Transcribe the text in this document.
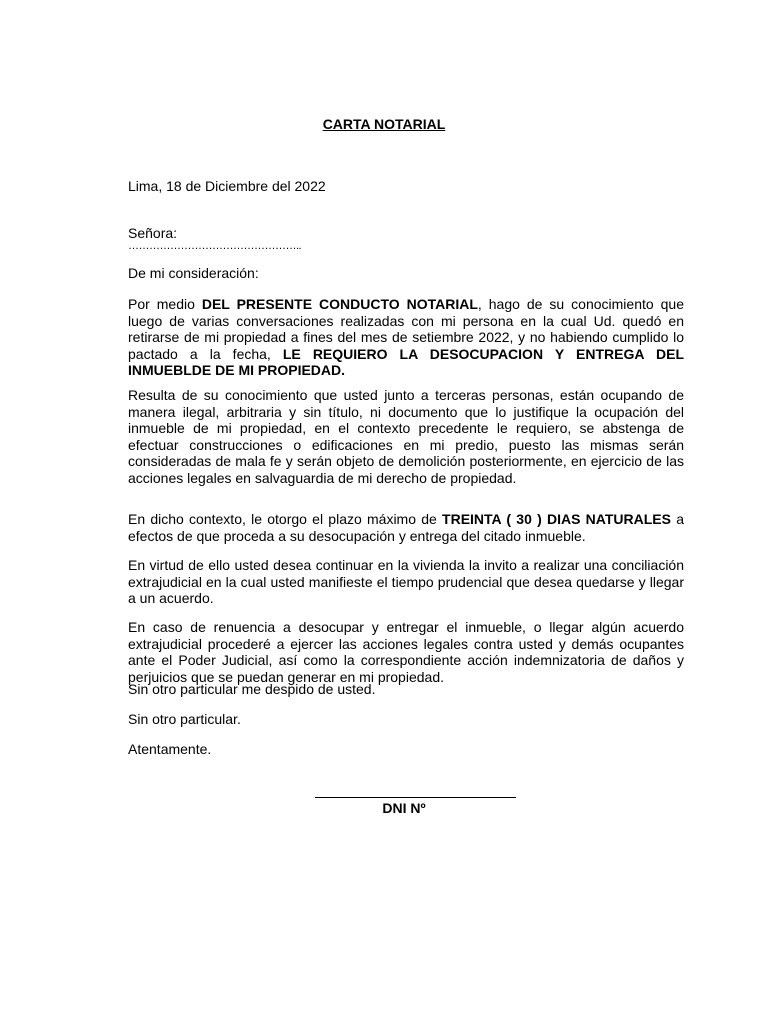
CARTA NOTARIAL
Lima, 18 de Diciembre del 2022
Señora:
…………………………………………..
De mi consideración:
Por medio DEL PRESENTE CONDUCTO NOTARIAL, hago de su conocimiento que luego de varias conversaciones realizadas con mi persona en la cual Ud. quedó en retirarse de mi propiedad a fines del mes de setiembre 2022, y no habiendo cumplido lo pactado a la fecha, LE REQUIERO LA DESOCUPACION Y ENTREGA DEL INMUEBLDE DE MI PROPIEDAD.
Resulta de su conocimiento que usted junto a terceras personas, están ocupando de manera ilegal, arbitraria y sin título, ni documento que lo justifique la ocupación del inmueble de mi propiedad, en el contexto precedente le requiero, se abstenga de efectuar construcciones o edificaciones en mi predio, puesto las mismas serán consideradas de mala fe y serán objeto de demolición posteriormente, en ejercicio de las acciones legales en salvaguardia de mi derecho de propiedad.
En dicho contexto, le otorgo el plazo máximo de TREINTA ( 30 ) DIAS NATURALES a efectos de que proceda a su desocupación y entrega del citado inmueble.
En virtud de ello usted desea continuar en la vivienda la invito a realizar una conciliación extrajudicial en la cual usted manifieste el tiempo prudencial que desea quedarse y llegar a un acuerdo.
En caso de renuencia a desocupar y entregar el inmueble, o llegar algún acuerdo extrajudicial procederé a ejercer las acciones legales contra usted y demás ocupantes ante el Poder Judicial, así como la correspondiente acción indemnizatoria de daños y perjuicios que se puedan generar en mi propiedad.
Sin otro particular me despido de usted.
Sin otro particular.
Atentamente.
DNI Nº
